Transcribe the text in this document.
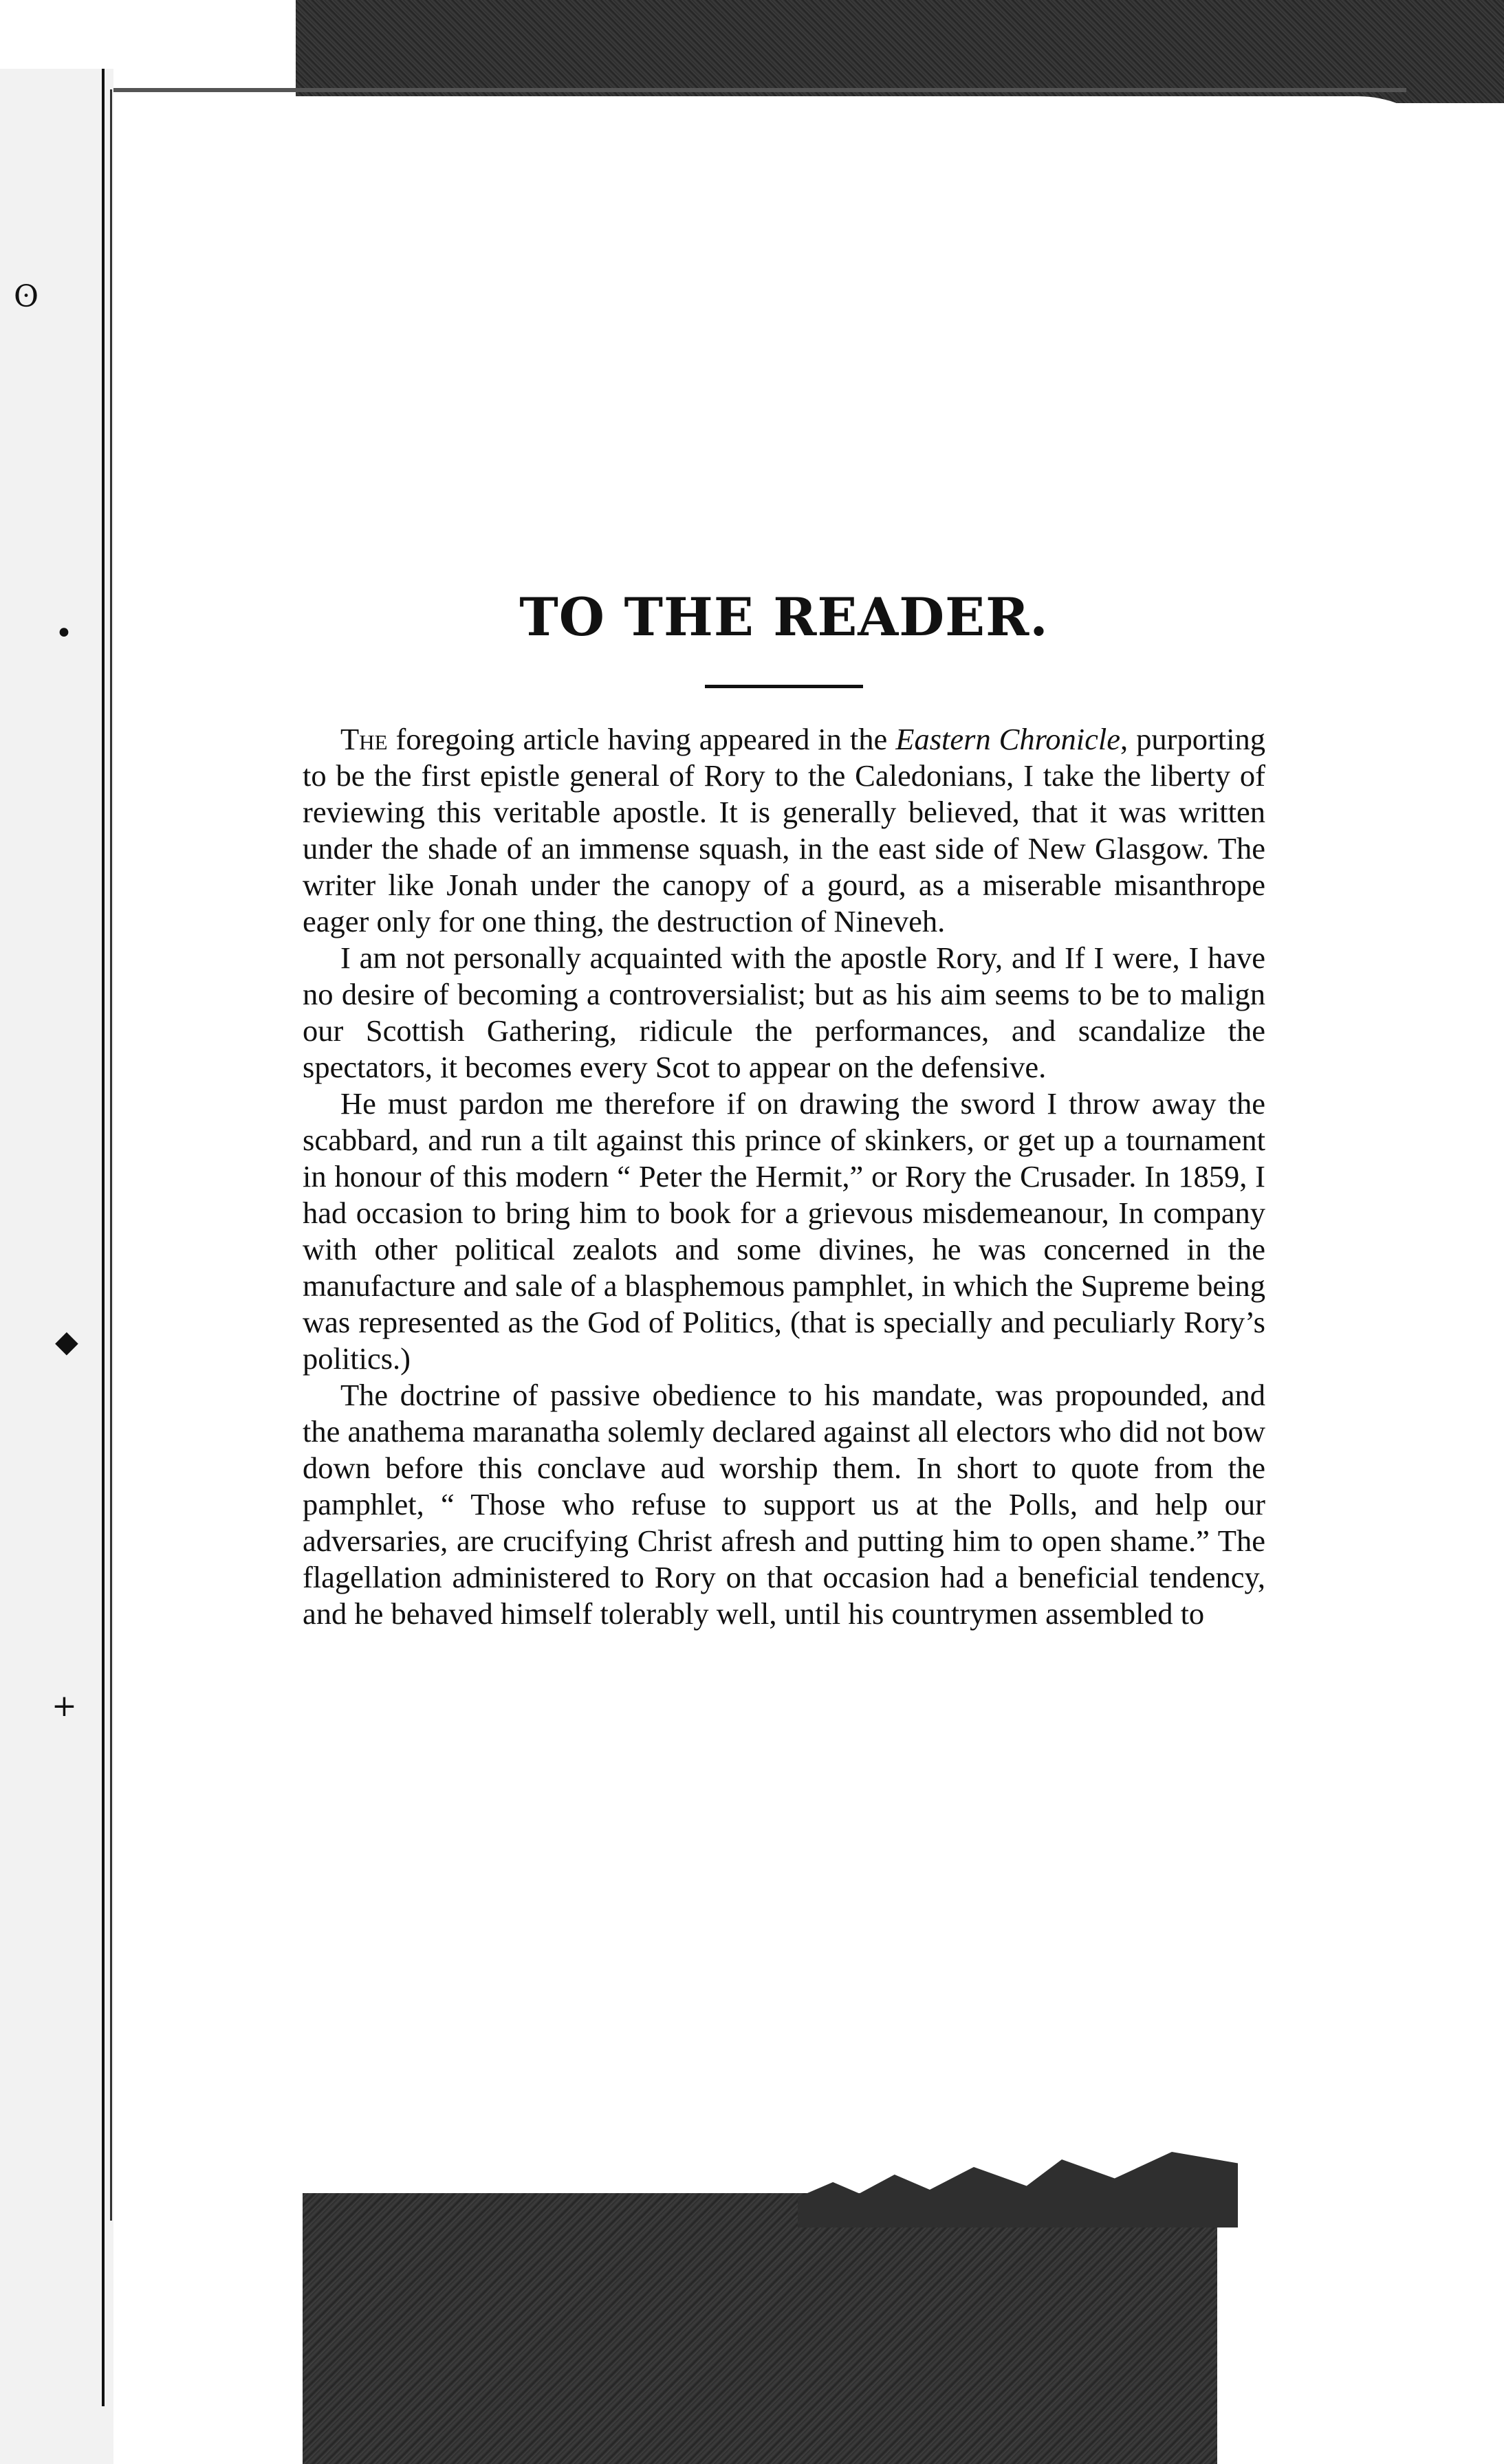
ʘ
•
◆
+
TO THE READER.

The foregoing article having appeared in the Eastern Chronicle, purporting to be the first epistle general of Rory to the Caledonians, I take the liberty of reviewing this veritable apostle. It is generally believed, that it was written under the shade of an immense squash, in the east side of New Glasgow. The writer like Jonah under the canopy of a gourd, as a miserable misanthrope eager only for one thing, the destruction of Nineveh.

I am not personally acquainted with the apostle Rory, and If I were, I have no desire of becoming a controversialist; but as his aim seems to be to malign our Scottish Gathering, ridicule the performances, and scandalize the spectators, it becomes every Scot to appear on the defensive.

He must pardon me therefore if on drawing the sword I throw away the scabbard, and run a tilt against this prince of skinkers, or get up a tournament in honour of this modern “ Peter the Hermit,” or Rory the Crusader. In 1859, I had occasion to bring him to book for a grievous misdemeanour, In company with other political zealots and some divines, he was concerned in the manufacture and sale of a blasphemous pamphlet, in which the Supreme being was represented as the God of Politics, (that is specially and peculiarly Rory’s politics.)

The doctrine of passive obedience to his mandate, was propounded, and the anathema maranatha solemly declared against all electors who did not bow down before this conclave aud worship them. In short to quote from the pamphlet, “ Those who refuse to support us at the Polls, and help our adversaries, are crucifying Christ afresh and putting him to open shame.” The flagellation administered to Rory on that occasion had a beneficial tendency, and he behaved himself tolerably well, until his countrymen assembled to
